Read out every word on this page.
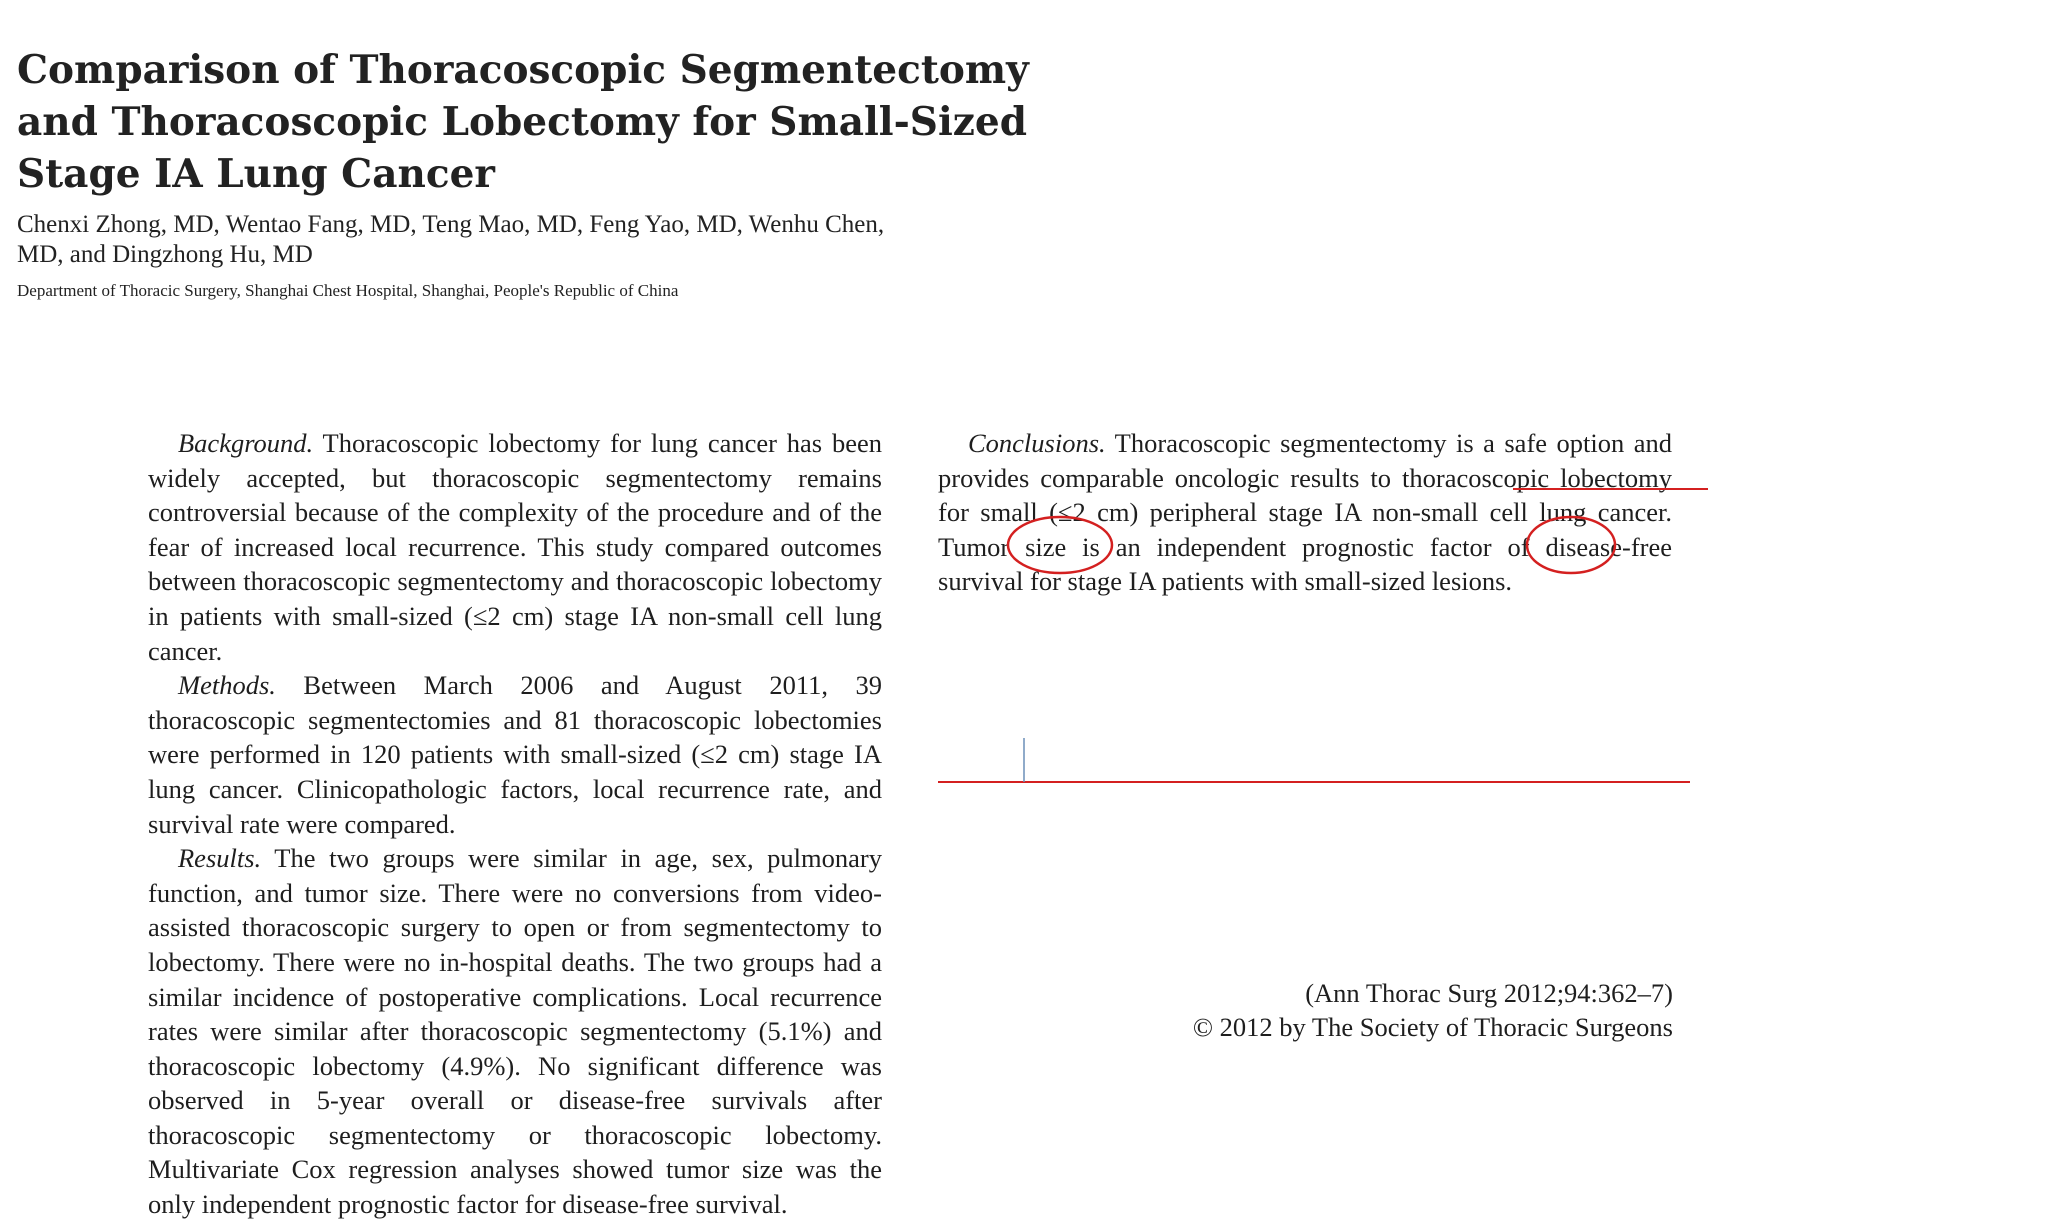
Comparison of Thoracoscopic Segmentectomy and Thoracoscopic Lobectomy for Small-Sized Stage IA Lung Cancer
Chenxi Zhong, MD, Wentao Fang, MD, Teng Mao, MD, Feng Yao, MD, Wenhu Chen, MD, and Dingzhong Hu, MD
Department of Thoracic Surgery, Shanghai Chest Hospital, Shanghai, People's Republic of China

Background. Thoracoscopic lobectomy for lung cancer has been widely accepted, but thoracoscopic segmentectomy remains controversial because of the complexity of the procedure and of the fear of increased local recurrence. This study compared outcomes between thoracoscopic segmentectomy and thoracoscopic lobectomy in patients with small-sized (≤2 cm) stage IA non-small cell lung cancer.

Methods. Between March 2006 and August 2011, 39 thoracoscopic segmentectomies and 81 thoracoscopic lobectomies were performed in 120 patients with small-sized (≤2 cm) stage IA lung cancer. Clinicopathologic factors, local recurrence rate, and survival rate were compared.

Results. The two groups were similar in age, sex, pulmonary function, and tumor size. There were no conversions from video-assisted thoracoscopic surgery to open or from segmentectomy to lobectomy. There were no in-hospital deaths. The two groups had a similar incidence of postoperative complications. Local recurrence rates were similar after thoracoscopic segmentectomy (5.1%) and thoracoscopic lobectomy (4.9%). No significant difference was observed in 5-year overall or disease-free survivals after thoracoscopic segmentectomy or thoracoscopic lobectomy. Multivariate Cox regression analyses showed tumor size was the only independent prognostic factor for disease-free survival.

Conclusions. Thoracoscopic segmentectomy is a safe option and provides comparable oncologic results to thoracoscopic lobectomy for small (≤2 cm) peripheral stage IA non-small cell lung cancer. Tumor size is an independent prognostic factor of disease-free survival for stage IA patients with small-sized lesions.

(Ann Thorac Surg 2012;94:362–7)
© 2012 by The Society of Thoracic Surgeons
